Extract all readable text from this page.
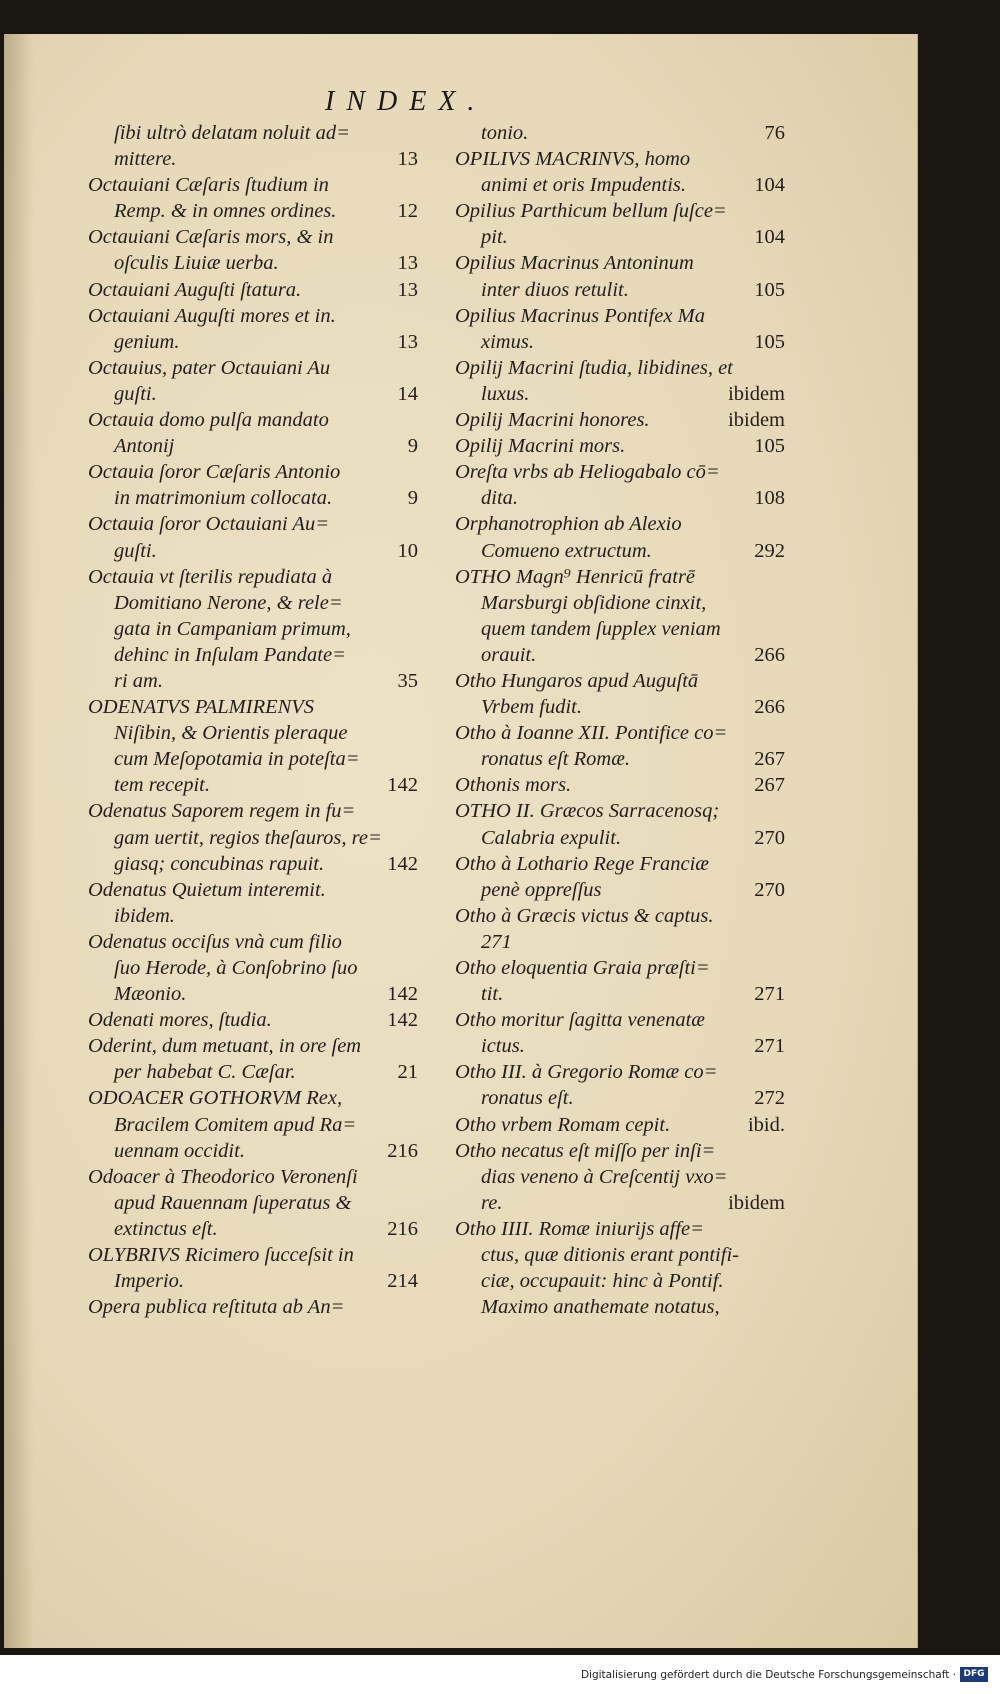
INDEX.
ſibi ultrò delatam noluit ad=
mittere.	13
Octauiani Cæſaris ſtudium in
Remp. & in omnes ordines.	12
Octauiani Cæſaris mors, & in
oſculis Liuiæ uerba.	13
Octauiani Auguſti ſtatura.	13
Octauiani Auguſti mores et in.
genium.	13
Octauius, pater Octauiani Au
guſti.	14
Octauia domo pulſa mandato
Antonij	9
Octauia ſoror Cæſaris Antonio
in matrimonium collocata.	9
Octauia ſoror Octauiani Au=
guſti.	10
Octauia vt ſterilis repudiata à
Domitiano Nerone, & rele=
gata in Campaniam primum,
dehinc in Inſulam Pandate=
ri am.	35
ODENATVS PALMIRENVS
Niſibin, & Orientis pleraque
cum Meſopotamia in poteſta=
tem recepit.	142
Odenatus Saporem regem in fu=
gam uertit, regios theſauros, re=
giasq; concubinas rapuit.	142
Odenatus Quietum interemit.
ibidem.
Odenatus occiſus vnà cum filio
ſuo Herode, à Conſobrino ſuo
Mæonio.	142
Odenati mores, ſtudia.	142
Oderint, dum metuant, in ore ſem
per habebat C. Cæſar.	21
ODOACER GOTHORVM Rex,
Bracilem Comitem apud Ra=
uennam occidit.	216
Odoacer à Theodorico Veronenſi
apud Rauennam ſuperatus &
extinctus eſt.	216
OLYBRIVS Ricimero ſucceſsit in
Imperio.	214
Opera publica reſtituta ab An=
tonio.	76
OPILIVS MACRINVS, homo
animi et oris Impudentis.	104
Opilius Parthicum bellum ſuſce=
pit.	104
Opilius Macrinus Antoninum
inter diuos retulit.	105
Opilius Macrinus Pontifex Ma
ximus.	105
Opilij Macrini ſtudia, libidines, et
luxus.	ibidem
Opilij Macrini honores.	ibidem
Opilij Macrini mors.	105
Oreſta vrbs ab Heliogabalo cō=
dita.	108
Orphanotrophion ab Alexio
Comueno extructum.	292
OTHO Magn⁹ Henricū fratrē
Marsburgi obſidione cinxit,
quem tandem ſupplex veniam
orauit.	266
Otho Hungaros apud Auguſtā
Vrbem fudit.	266
Otho à Ioanne XII. Pontifice co=
ronatus eſt Romæ.	267
Othonis mors.	267
OTHO II. Græcos Sarracenosq;
Calabria expulit.	270
Otho à Lothario Rege Franciæ
penè oppreſſus	270
Otho à Græcis victus & captus.
271
Otho eloquentia Graia præſti=
tit.	271
Otho moritur ſagitta venenatæ
ictus.	271
Otho III. à Gregorio Romæ co=
ronatus eſt.	272
Otho vrbem Romam cepit.	ibid.
Otho necatus eſt miſſo per inſi=
dias veneno à Creſcentij vxo=
re.	ibidem
Otho IIII. Romæ iniurijs affe=
ctus, quæ ditionis erant pontifi-
ciæ, occupauit: hinc à Pontif.
Maximo anathemate notatus,
Digitalisierung gefördert durch die Deutsche Forschungsgemeinschaft · DFG
